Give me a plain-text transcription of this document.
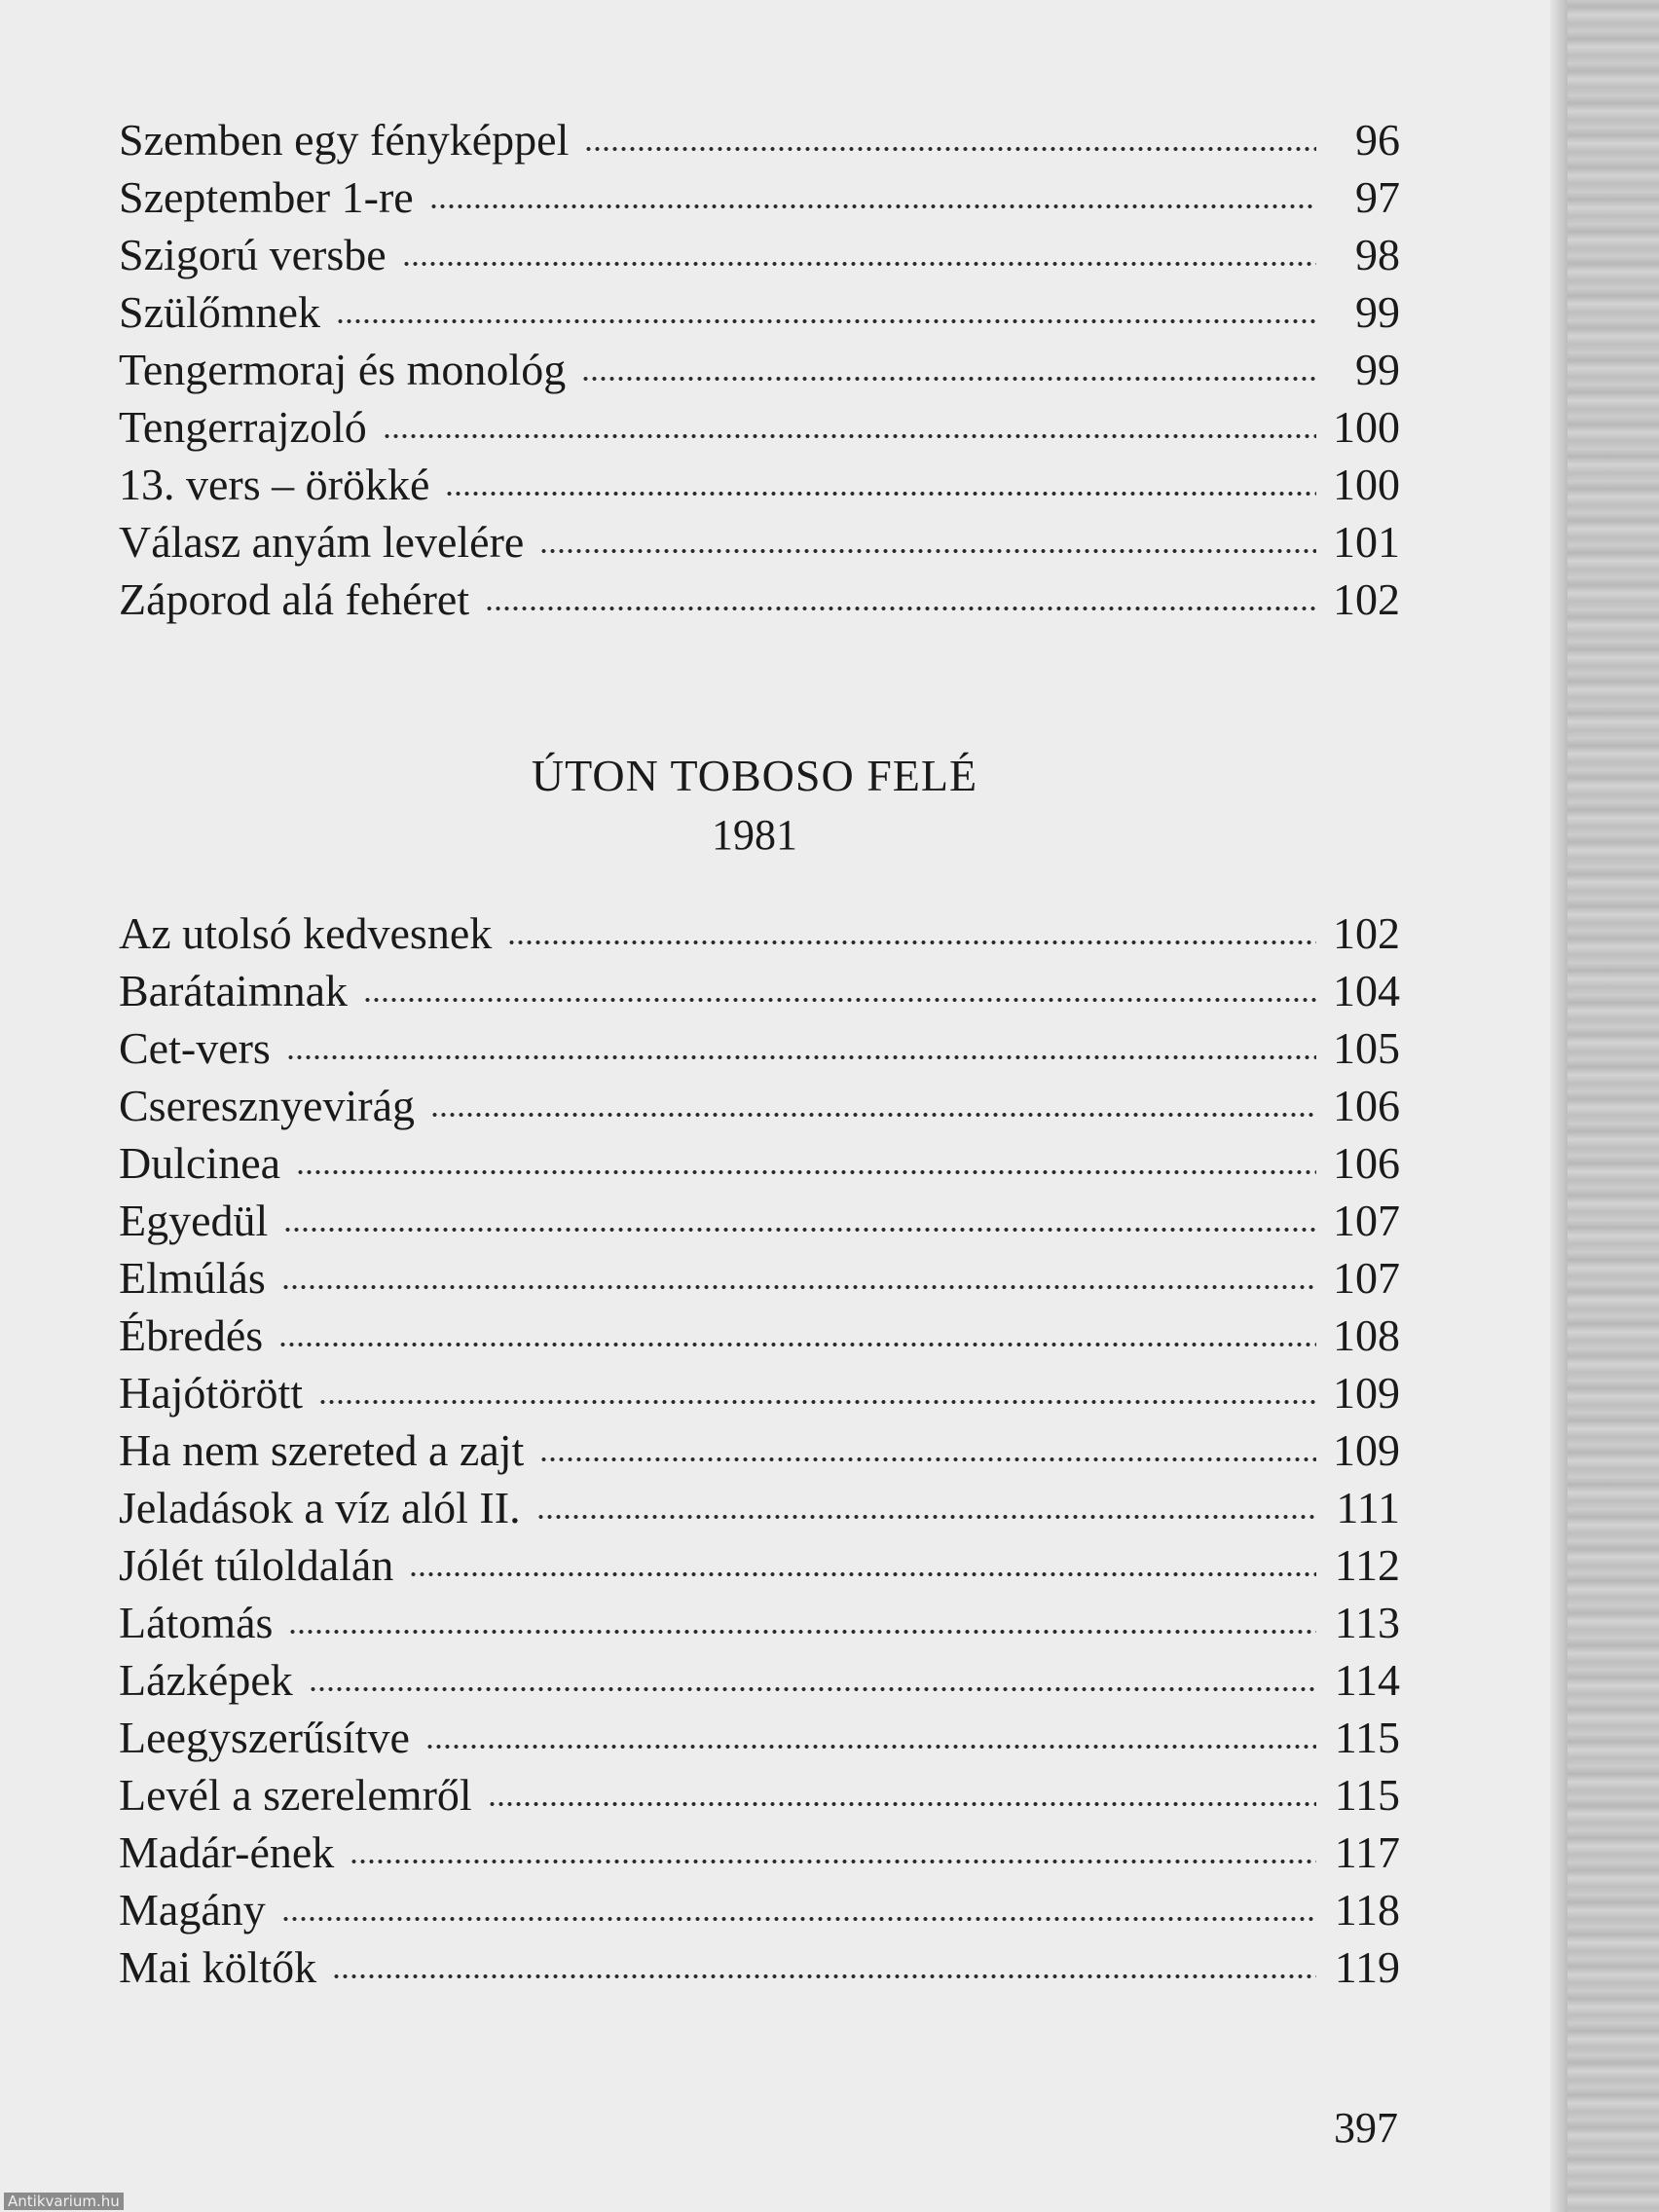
Szemben egy fényképpel	96
Szeptember 1-re	97
Szigorú versbe	98
Szülőmnek	99
Tengermoraj és monológ	99
Tengerrajzoló	100
13. vers – örökké	100
Válasz anyám levelére	101
Záporod alá fehéret	102
ÚTON TOBOSO FELÉ
1981
Az utolsó kedvesnek	102
Barátaimnak	104
Cet-vers	105
Cseresznyevirág	106
Dulcinea	106
Egyedül	107
Elmúlás	107
Ébredés	108
Hajótörött	109
Ha nem szereted a zajt	109
Jeladások a víz alól II.	111
Jólét túloldalán	112
Látomás	113
Lázképek	114
Leegyszerűsítve	115
Levél a szerelemről	115
Madár-ének	117
Magány	118
Mai költők	119
397
Antikvarium.hu
